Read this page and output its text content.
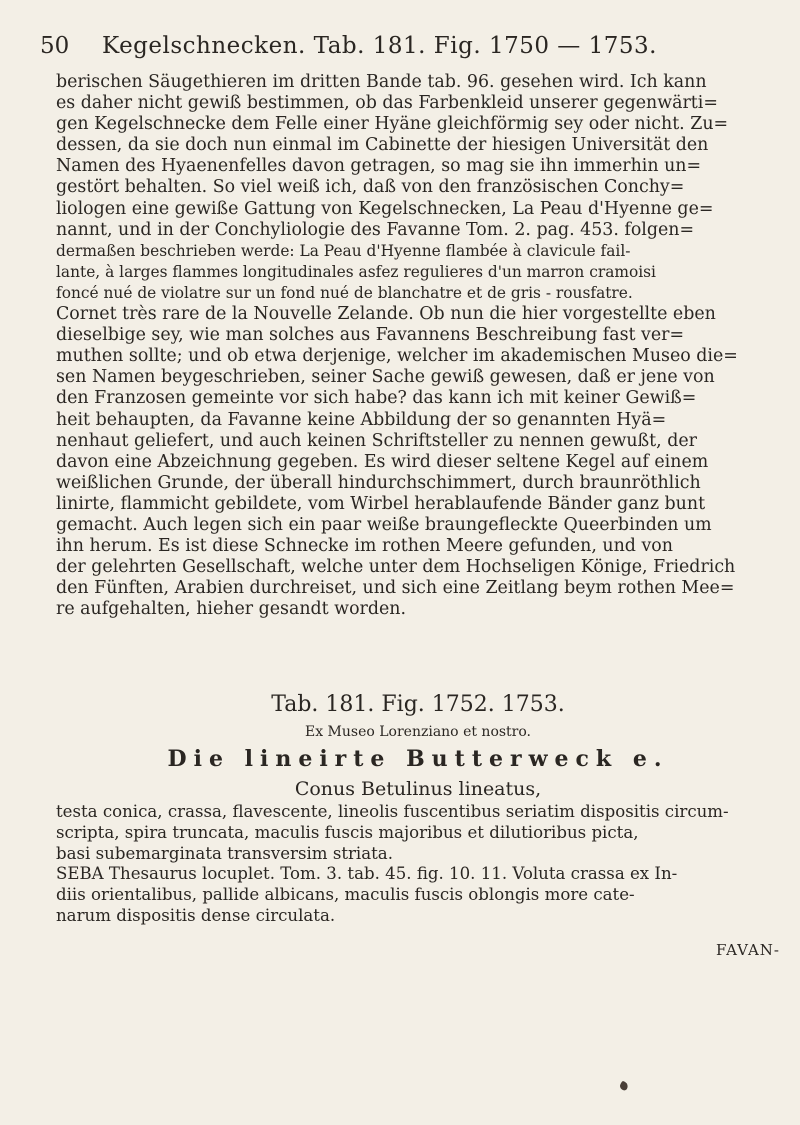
50 Kegelschnecken. Tab. 181. Fig. 1750 — 1753.
berischen Säugethieren im dritten Bande tab. 96. gesehen wird. Ich kann
es daher nicht gewiß bestimmen, ob das Farbenkleid unserer gegenwärti=
gen Kegelschnecke dem Felle einer Hyäne gleichförmig sey oder nicht. Zu=
dessen, da sie doch nun einmal im Cabinette der hiesigen Universität den
Namen des Hyaenenfelles davon getragen, so mag sie ihn immerhin un=
gestört behalten. So viel weiß ich, daß von den französischen Conchy=
liologen eine gewiße Gattung von Kegelschnecken, La Peau d'Hyenne ge=
nannt, und in der Conchyliologie des Favanne Tom. 2. pag. 453. folgen=
dermaßen beschrieben werde: La Peau d'Hyenne flambée à clavicule fail-
lante, à larges flammes longitudinales asfez regulieres d'un marron cramoisi
foncé nué de violatre sur un fond nué de blanchatre et de gris - rousfatre.
Cornet très rare de la Nouvelle Zelande. Ob nun die hier vorgestellte eben
dieselbige sey, wie man solches aus Favannens Beschreibung fast ver=
muthen sollte; und ob etwa derjenige, welcher im akademischen Museo die=
sen Namen beygeschrieben, seiner Sache gewiß gewesen, daß er jene von
den Franzosen gemeinte vor sich habe? das kann ich mit keiner Gewiß=
heit behaupten, da Favanne keine Abbildung der so genannten Hyä=
nenhaut geliefert, und auch keinen Schriftsteller zu nennen gewußt, der
davon eine Abzeichnung gegeben. Es wird dieser seltene Kegel auf einem
weißlichen Grunde, der überall hindurchschimmert, durch braunröthlich
linirte, flammicht gebildete, vom Wirbel herablaufende Bänder ganz bunt
gemacht. Auch legen sich ein paar weiße braungefleckte Queerbinden um
ihn herum. Es ist diese Schnecke im rothen Meere gefunden, und von
der gelehrten Gesellschaft, welche unter dem Hochseligen Könige, Friedrich
den Fünften, Arabien durchreiset, und sich eine Zeitlang beym rothen Mee=
re aufgehalten, hieher gesandt worden.
Tab. 181. Fig. 1752. 1753.
Ex Museo Lorenziano et nostro.
Die lineirte Butterweck e.
Conus Betulinus lineatus,
testa conica, crassa, flavescente, lineolis fuscentibus seriatim dispositis circum-
scripta, spira truncata, maculis fuscis majoribus et dilutioribus picta,
basi subemarginata transversim striata.
SEBA Thesaurus locuplet. Tom. 3. tab. 45. fig. 10. 11. Voluta crassa ex In-
diis orientalibus, pallide albicans, maculis fuscis oblongis more cate-
narum dispositis dense circulata.
FAVAN-
